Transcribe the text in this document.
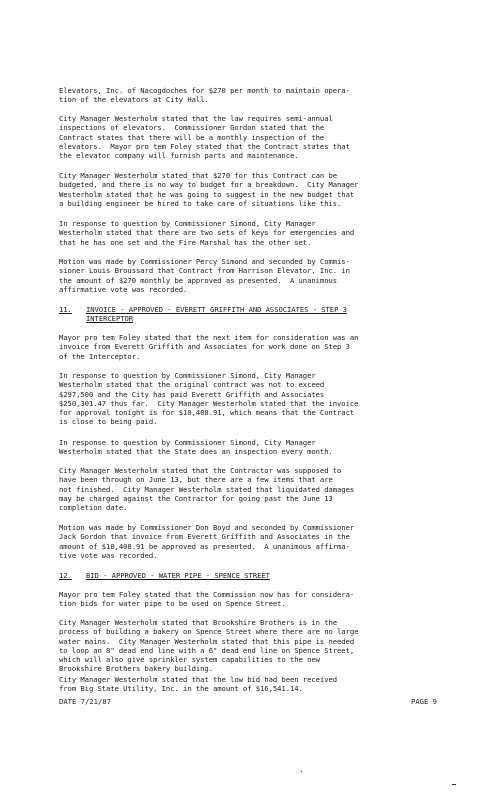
Elevators, Inc. of Nacogdoches for $270 per month to maintain opera-
tion of the elevators at City Hall.
City Manager Westerholm stated that the law requires semi-annual
inspections of elevators.  Commissioner Gordon stated that the
Contract states that there will be a monthly inspection of the
elevators.  Mayor pro tem Foley stated that the Contract states that
the elevator company will furnish parts and maintenance.
City Manager Westerholm stated that $270 for this Contract can be
budgeted, and there is no way to budget for a breakdown.  City Manager
Westerholm stated that he was going to suggest in the new budget that
a building engineer be hired to take care of situations like this.
In response to question by Commissioner Simond, City Manager
Westerholm stated that there are two sets of keys for emergencies and
that he has one set and the Fire Marshal has the other set.
Motion was made by Commissioner Percy Simond and seconded by Commis-
sioner Louis Broussard that Contract from Harrison Elevator, Inc. in
the amount of $270 monthly be approved as presented.  A unanimous
affirmative vote was recorded.
11. INVOICE - APPROVED - EVERETT GRIFFITH AND ASSOCIATES - STEP 3
INTERCEPTOR
Mayor pro tem Foley stated that the next item for consideration was an
invoice from Everett Griffith and Associates for work done on Step 3
of the Interceptor.
In response to question by Commissioner Simond, City Manager
Westerholm stated that the original contract was not to exceed
$297,500 and the City has paid Everett Griffith and Associates
$250,301.47 thus far.  City Manager Westerholm stated that the invoice
for approval tonight is for $10,408.91, which means that the Contract
is close to being paid.
In response to question by Commissioner Simond, City Manager
Westerholm stated that the State does an inspection every month.
City Manager Westerholm stated that the Contractor was supposed to
have been through on June 13, but there are a few items that are
not finished.  City Manager Westerholm stated that liquidated damages
may be charged against the Contractor for going past the June 13
completion date.
Motion was made by Commissioner Don Boyd and seconded by Commissioner
Jack Gordon that invoice from Everett Griffith and Associates in the
amount of $10,408.91 be approved as presented.  A unanimous affirma-
tive vote was recorded.
12. BID - APPROVED - WATER PIPE - SPENCE STREET
Mayor pro tem Foley stated that the Commission now has for considera-
tion bids for water pipe to be used on Spence Street.
City Manager Westerholm stated that Brookshire Brothers is in the
process of building a bakery on Spence Street where there are no large
water mains.  City Manager Westerholm stated that this pipe is needed
to loop an 8" dead end line with a 6" dead end line on Spence Street,
which will also give sprinkler system capabilities to the new
Brookshire Brothers bakery building.
City Manager Westerholm stated that the low bid had been received
from Big State Utility, Inc. in the amount of $16,541.14.
DATE 7/21/87	PAGE 9
